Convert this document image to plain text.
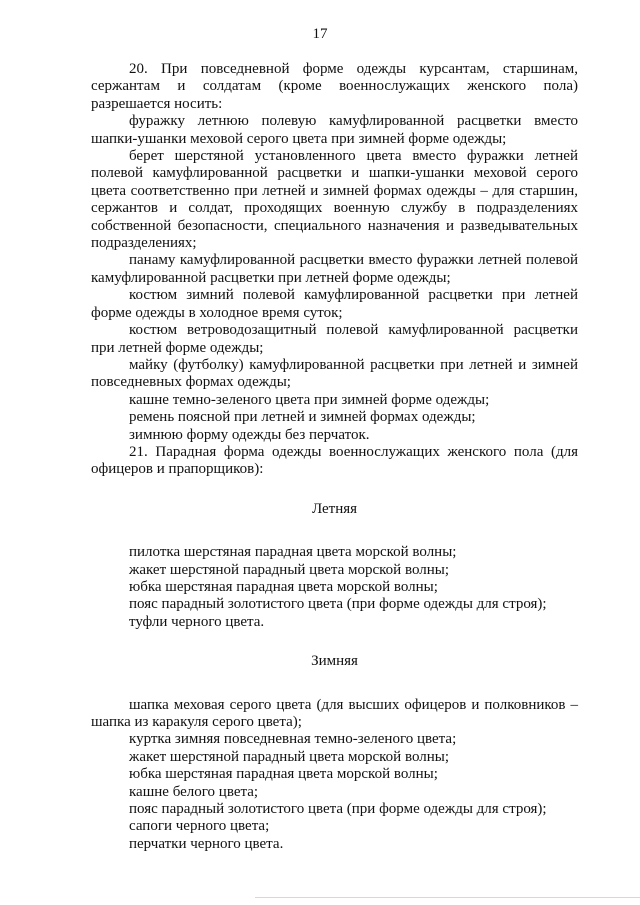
17

20. При повседневной форме одежды курсантам, старшинам, сержантам и солдатам (кроме военнослужащих женского пола) разрешается носить:

фуражку летнюю полевую камуфлированной расцветки вместо шапки-ушанки меховой серого цвета при зимней форме одежды;

берет шерстяной установленного цвета вместо фуражки летней полевой камуфлированной расцветки и шапки-ушанки меховой серого цвета соответственно при летней и зимней формах одежды – для старшин, сержантов и солдат, проходящих военную службу в подразделениях собственной безопасности, специального назначения и разведывательных подразделениях;

панаму камуфлированной расцветки вместо фуражки летней полевой камуфлированной расцветки при летней форме одежды;

костюм зимний полевой камуфлированной расцветки при летней форме одежды в холодное время суток;

костюм ветроводозащитный полевой камуфлированной расцветки при летней форме одежды;

майку (футболку) камуфлированной расцветки при летней и зимней повседневных формах одежды;

кашне темно-зеленого цвета при зимней форме одежды;

ремень поясной при летней и зимней формах одежды;

зимнюю форму одежды без перчаток.

21. Парадная форма одежды военнослужащих женского пола (для офицеров и прапорщиков):

Летняя

пилотка шерстяная парадная цвета морской волны;

жакет шерстяной парадный цвета морской волны;

юбка шерстяная парадная цвета морской волны;

пояс парадный золотистого цвета (при форме одежды для строя);

туфли черного цвета.

Зимняя

шапка меховая серого цвета (для высших офицеров и полковников – шапка из каракуля серого цвета);

куртка зимняя повседневная темно-зеленого цвета;

жакет шерстяной парадный цвета морской волны;

юбка шерстяная парадная цвета морской волны;

кашне белого цвета;

пояс парадный золотистого цвета (при форме одежды для строя);

сапоги черного цвета;

перчатки черного цвета.
